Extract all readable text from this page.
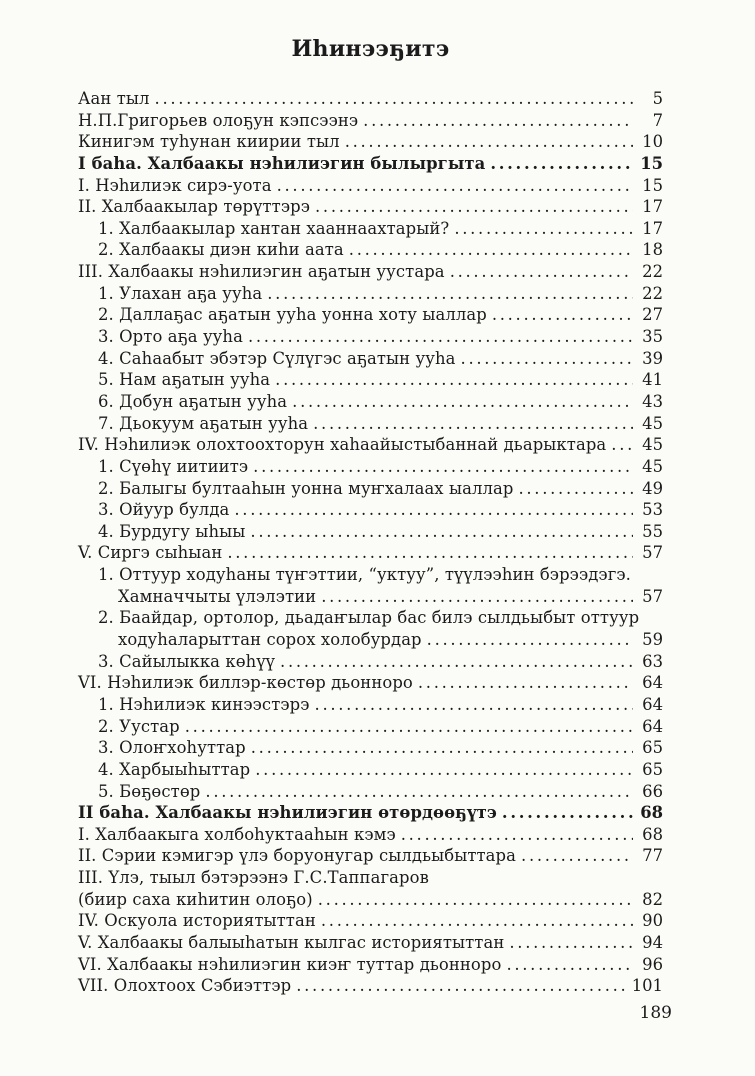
Иһинээҕитэ
Аан тыл .....	5
Н.П.Григорьев олоҕун кэпсээнэ .....	7
Кинигэм туһунан киирии тыл .....	10
I баһа. Халбаакы нэһилиэгин былыргыта .....	15
I. Нэһилиэк сирэ-уота .....	15
II. Халбаакылар төрүттэрэ .....	17
1. Халбаакылар хантан хааннаахтарый? .....	17
2. Халбаакы диэн киһи аата .....	18
III. Халбаакы нэһилиэгин аҕатын уустара .....	22
1. Улахан аҕа ууһа .....	22
2. Даллаҕас аҕатын ууһа уонна хоту ыаллар .....	27
3. Орто аҕа ууһа .....	35
4. Саһаабыт эбэтэр Сүлүгэс аҕатын ууһа .....	39
5. Нам аҕатын ууһа .....	41
6. Добун аҕатын ууһа .....	43
7. Дьокуум аҕатын ууһа .....	45
IV. Нэһилиэк олохтоохторун хаһаайыстыбаннай дьарыктара .....	45
1. Сүөһү иитиитэ .....	45
2. Балыгы бултааһын уонна муҥхалаах ыаллар .....	49
3. Ойуур булда .....	53
4. Бурдугу ыһыы .....	55
V. Сиргэ сыһыан .....	57
1. Оттуур ходуһаны түҥэттии, “уктуу”, түүлээһин бэрээдэгэ.
Хамначчыты үлэлэтии .....	57
2. Баайдар, ортолор, дьадаҥылар бас билэ сылдьыбыт оттуур
ходуһаларыттан сорох холобурдар .....	59
3. Сайылыкка көһүү .....	63
VI. Нэһилиэк биллэр-көстөр дьонноро .....	64
1. Нэһилиэк кинээстэрэ .....	64
2. Уустар .....	64
3. Олоҥхоһуттар .....	65
4. Харбыыһыттар .....	65
5. Бөҕөстөр .....	66
II баһа. Халбаакы нэһилиэгин өтөрдөөҕүтэ .....	68
I. Халбаакыга холбоһуктааһын кэмэ .....	68
II. Сэрии кэмигэр үлэ боруонугар сылдьыбыттара .....	77
III. Үлэ, тыыл бэтэрээнэ Г.С.Таппагаров
(биир саха киһитин олоҕо) .....	82
IV. Оскуола историятыттан .....	90
V. Халбаакы балыыһатын кылгас историятыттан .....	94
VI. Халбаакы нэһилиэгин киэҥ туттар дьонноро .....	96
VII. Олохтоох Сэбиэттэр .....	101
189
